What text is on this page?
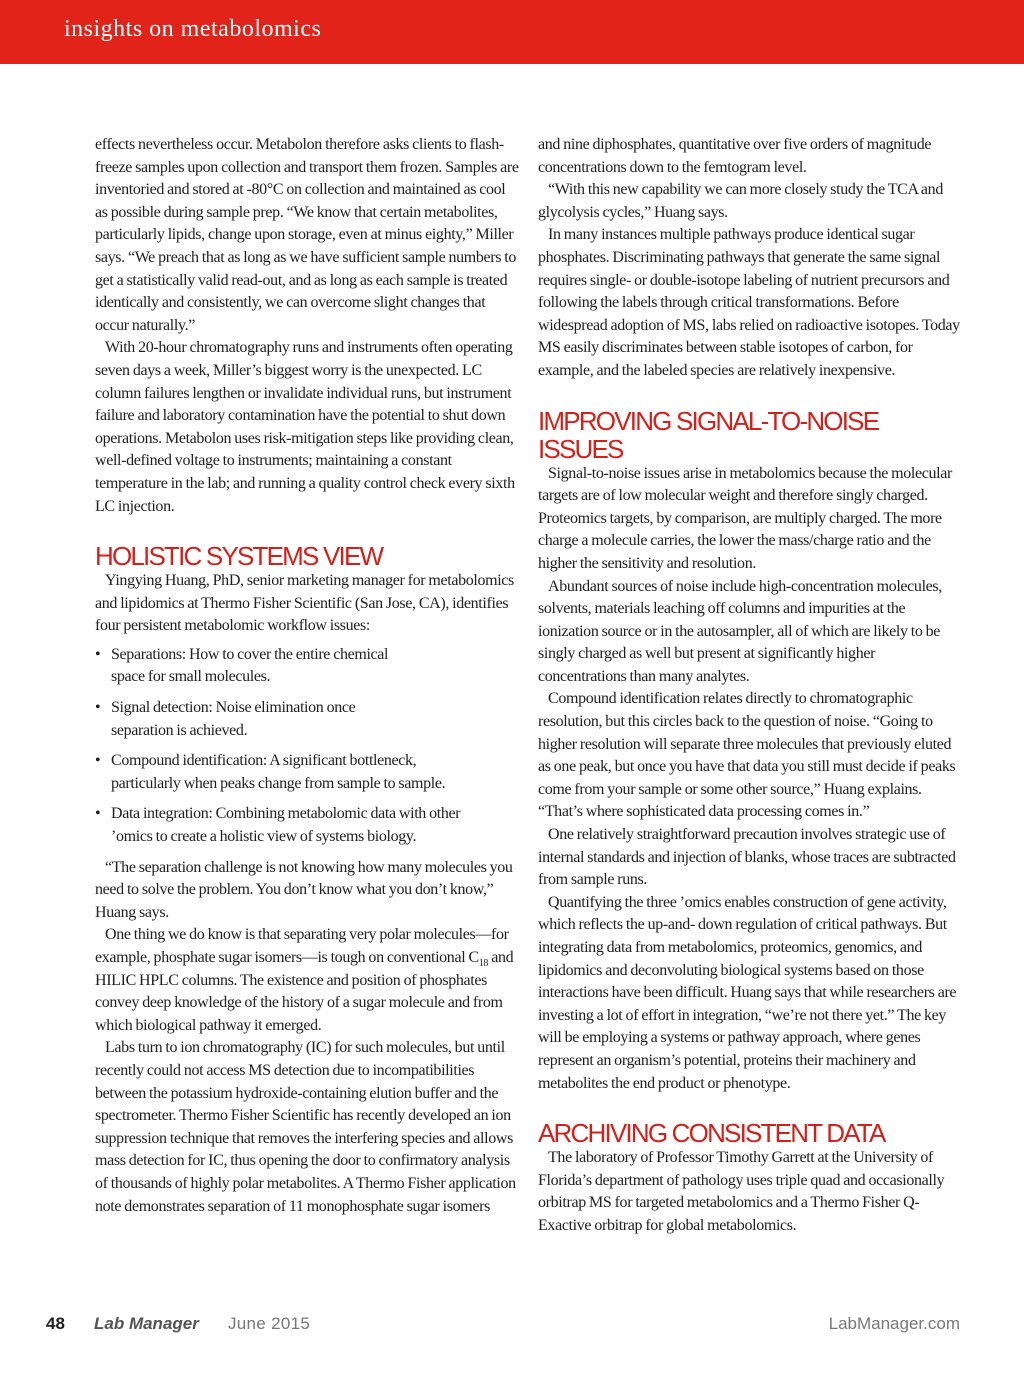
insights on metabolomics

effects nevertheless occur. Metabolon therefore asks clients to flash-freeze samples upon collection and transport them frozen. Samples are inventoried and stored at -80°C on collection and maintained as cool as possible during sample prep. “We know that certain metabolites, particularly lipids, change upon storage, even at minus eighty,” Miller says. “We preach that as long as we have sufficient sample numbers to get a statistically valid read-out, and as long as each sample is treated identically and consistently, we can overcome slight changes that occur naturally.”

With 20-hour chromatography runs and instruments often operating seven days a week, Miller’s biggest worry is the unexpected. LC column failures lengthen or invalidate individual runs, but instrument failure and laboratory contamination have the potential to shut down operations. Metabolon uses risk-mitigation steps like providing clean, well-defined voltage to instruments; maintaining a constant temperature in the lab; and running a quality control check every sixth LC injection.

HOLISTIC SYSTEMS VIEW

Yingying Huang, PhD, senior marketing manager for metabolomics and lipidomics at Thermo Fisher Scientific (San Jose, CA), identifies four persistent metabolomic workflow issues:

• Separations: How to cover the entire chemical space for small molecules.
• Signal detection: Noise elimination once separation is achieved.
• Compound identification: A significant bottleneck, particularly when peaks change from sample to sample.
• Data integration: Combining metabolomic data with other ’omics to create a holistic view of systems biology.

“The separation challenge is not knowing how many molecules you need to solve the problem. You don’t know what you don’t know,” Huang says.

One thing we do know is that separating very polar molecules—for example, phosphate sugar isomers—is tough on conventional $C_{18}$ and HILIC HPLC columns. The existence and position of phosphates convey deep knowledge of the history of a sugar molecule and from which biological pathway it emerged.

Labs turn to ion chromatography (IC) for such molecules, but until recently could not access MS detection due to incompatibilities between the potassium hydroxide-containing elution buffer and the spectrometer. Thermo Fisher Scientific has recently developed an ion suppression technique that removes the interfering species and allows mass detection for IC, thus opening the door to confirmatory analysis of thousands of highly polar metabolites. A Thermo Fisher application note demonstrates separation of 11 monophosphate sugar isomers

and nine diphosphates, quantitative over five orders of magnitude concentrations down to the femtogram level.

“With this new capability we can more closely study the TCA and glycolysis cycles,” Huang says.

In many instances multiple pathways produce identical sugar phosphates. Discriminating pathways that generate the same signal requires single- or double-isotope labeling of nutrient precursors and following the labels through critical transformations. Before widespread adoption of MS, labs relied on radioactive isotopes. Today MS easily discriminates between stable isotopes of carbon, for example, and the labeled species are relatively inexpensive.

IMPROVING SIGNAL-TO-NOISE ISSUES

Signal-to-noise issues arise in metabolomics because the molecular targets are of low molecular weight and therefore singly charged. Proteomics targets, by comparison, are multiply charged. The more charge a molecule carries, the lower the mass/charge ratio and the higher the sensitivity and resolution.

Abundant sources of noise include high-concentration molecules, solvents, materials leaching off columns and impurities at the ionization source or in the autosampler, all of which are likely to be singly charged as well but present at significantly higher concentrations than many analytes.

Compound identification relates directly to chromatographic resolution, but this circles back to the question of noise. “Going to higher resolution will separate three molecules that previously eluted as one peak, but once you have that data you still must decide if peaks come from your sample or some other source,” Huang explains. “That’s where sophisticated data processing comes in.”

One relatively straightforward precaution involves strategic use of internal standards and injection of blanks, whose traces are subtracted from sample runs.

Quantifying the three ’omics enables construction of gene activity, which reflects the up-and- down regulation of critical pathways. But integrating data from metabolomics, proteomics, genomics, and lipidomics and deconvoluting biological systems based on those interactions have been difficult. Huang says that while researchers are investing a lot of effort in integration, “we’re not there yet.” The key will be employing a systems or pathway approach, where genes represent an organism’s potential, proteins their machinery and metabolites the end product or phenotype.

ARCHIVING CONSISTENT DATA

The laboratory of Professor Timothy Garrett at the University of Florida’s department of pathology uses triple quad and occasionally orbitrap MS for targeted metabolomics and a Thermo Fisher Q-Exactive orbitrap for global metabolomics.

48 Lab Manager June 2015	LabManager.com
